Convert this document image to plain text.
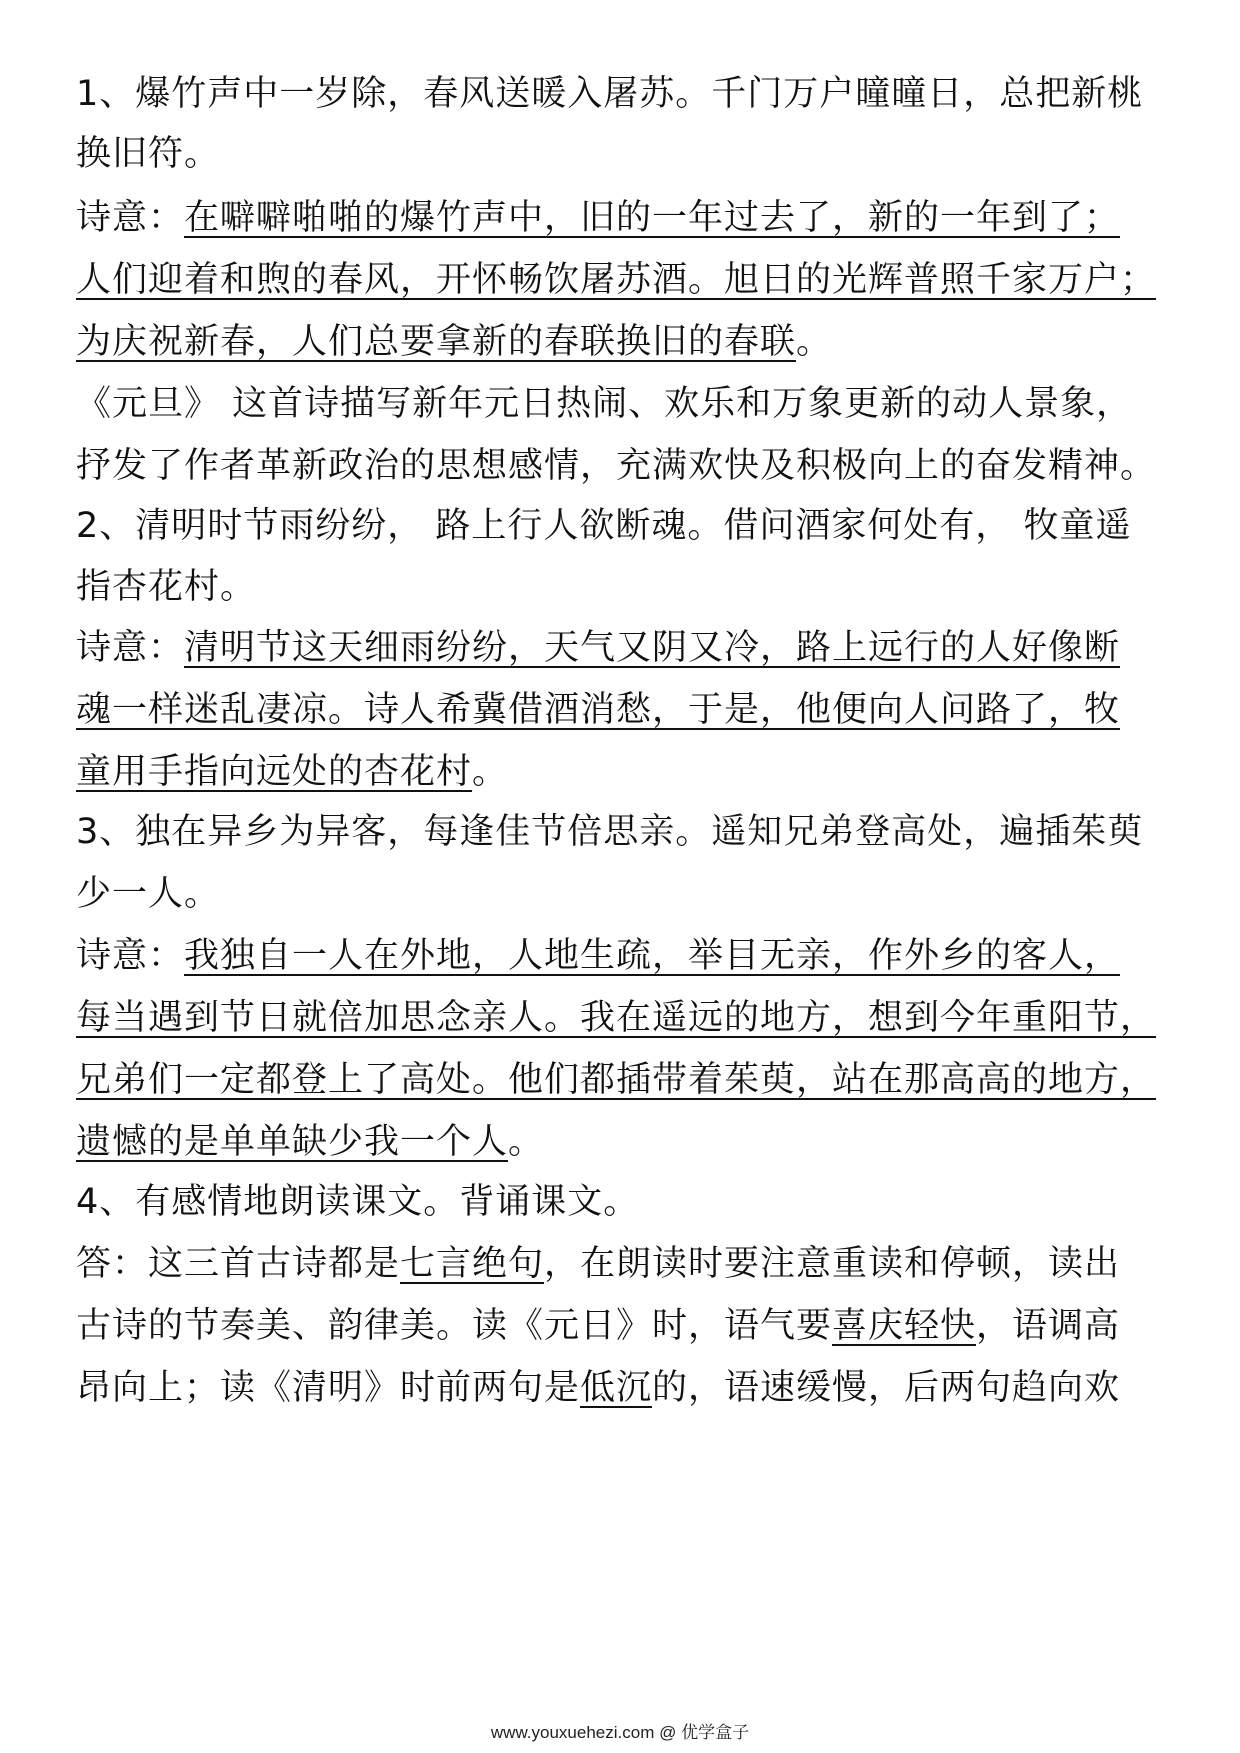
1、爆竹声中一岁除，春风送暖入屠苏。千门万户曈曈日，总把新桃
换旧符。
诗意：在噼噼啪啪的爆竹声中，旧的一年过去了，新的一年到了；
人们迎着和煦的春风，开怀畅饮屠苏酒。旭日的光辉普照千家万户；
为庆祝新春，人们总要拿新的春联换旧的春联。
《元旦》 这首诗描写新年元日热闹、欢乐和万象更新的动人景象，
抒发了作者革新政治的思想感情，充满欢快及积极向上的奋发精神。
2、清明时节雨纷纷， 路上行人欲断魂。借问酒家何处有， 牧童遥
指杏花村。
诗意：清明节这天细雨纷纷，天气又阴又冷，路上远行的人好像断
魂一样迷乱凄凉。诗人希冀借酒消愁，于是，他便向人问路了，牧
童用手指向远处的杏花村。
3、独在异乡为异客，每逢佳节倍思亲。遥知兄弟登高处，遍插茱萸
少一人。
诗意：我独自一人在外地，人地生疏，举目无亲，作外乡的客人，
每当遇到节日就倍加思念亲人。我在遥远的地方，想到今年重阳节，
兄弟们一定都登上了高处。他们都插带着茱萸，站在那高高的地方，
遗憾的是单单缺少我一个人。
4、有感情地朗读课文。背诵课文。
答：这三首古诗都是七言绝句，在朗读时要注意重读和停顿，读出
古诗的节奏美、韵律美。读《元日》时，语气要喜庆轻快，语调高
昂向上；读《清明》时前两句是低沉的，语速缓慢，后两句趋向欢
www.youxuehezi.com @ 优学盒子
